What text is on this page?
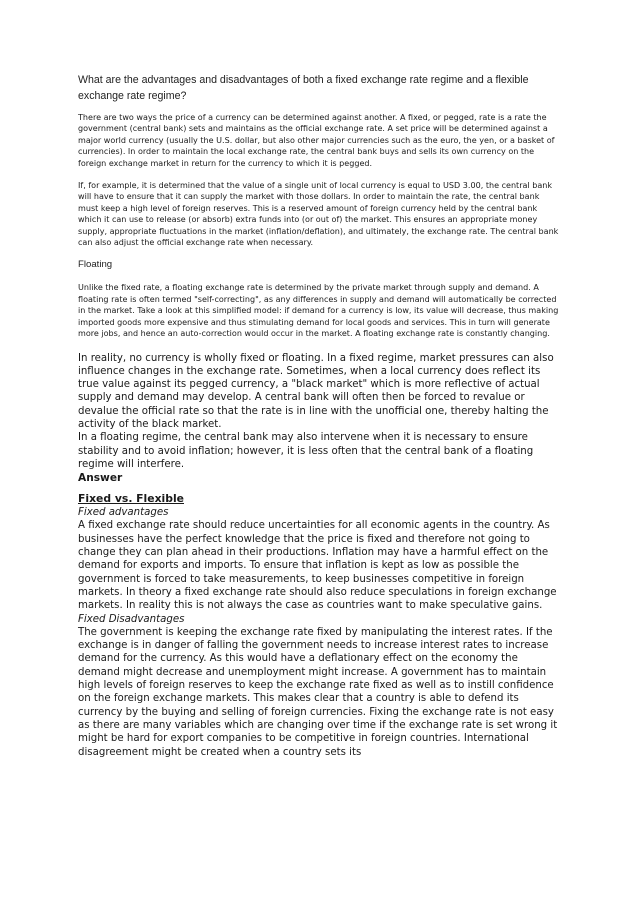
What are the advantages and disadvantages of both a fixed exchange rate regime and a flexible exchange rate regime?

There are two ways the price of a currency can be determined against another. A fixed, or pegged, rate is a rate the government (central bank) sets and maintains as the official exchange rate. A set price will be determined against a major world currency (usually the U.S. dollar, but also other major currencies such as the euro, the yen, or a basket of currencies). In order to maintain the local exchange rate, the central bank buys and sells its own currency on the foreign exchange market in return for the currency to which it is pegged.

If, for example, it is determined that the value of a single unit of local currency is equal to USD 3.00, the central bank will have to ensure that it can supply the market with those dollars. In order to maintain the rate, the central bank must keep a high level of foreign reserves. This is a reserved amount of foreign currency held by the central bank which it can use to release (or absorb) extra funds into (or out of) the market. This ensures an appropriate money supply, appropriate fluctuations in the market (inflation/deflation), and ultimately, the exchange rate. The central bank can also adjust the official exchange rate when necessary.

Floating

Unlike the fixed rate, a floating exchange rate is determined by the private market through supply and demand. A floating rate is often termed "self-correcting", as any differences in supply and demand will automatically be corrected in the market. Take a look at this simplified model: if demand for a currency is low, its value will decrease, thus making imported goods more expensive and thus stimulating demand for local goods and services. This in turn will generate more jobs, and hence an auto-correction would occur in the market. A floating exchange rate is constantly changing.

In reality, no currency is wholly fixed or floating. In a fixed regime, market pressures can also influence changes in the exchange rate. Sometimes, when a local currency does reflect its true value against its pegged currency, a "black market" which is more reflective of actual supply and demand may develop. A central bank will often then be forced to revalue or devalue the official rate so that the rate is in line with the unofficial one, thereby halting the activity of the black market.

In a floating regime, the central bank may also intervene when it is necessary to ensure stability and to avoid inflation; however, it is less often that the central bank of a floating regime will interfere.

Answer

Fixed vs. Flexible

Fixed advantages

A fixed exchange rate should reduce uncertainties for all economic agents in the country. As businesses have the perfect knowledge that the price is fixed and therefore not going to change they can plan ahead in their productions. Inflation may have a harmful effect on the demand for exports and imports. To ensure that inflation is kept as low as possible the government is forced to take measurements, to keep businesses competitive in foreign markets. In theory a fixed exchange rate should also reduce speculations in foreign exchange markets. In reality this is not always the case as countries want to make speculative gains.

Fixed Disadvantages

The government is keeping the exchange rate fixed by manipulating the interest rates. If the exchange is in danger of falling the government needs to increase interest rates to increase demand for the currency. As this would have a deflationary effect on the economy the demand might decrease and unemployment might increase. A government has to maintain high levels of foreign reserves to keep the exchange rate fixed as well as to instill confidence on the foreign exchange markets. This makes clear that a country is able to defend its currency by the buying and selling of foreign currencies. Fixing the exchange rate is not easy as there are many variables which are changing over time if the exchange rate is set wrong it might be hard for export companies to be competitive in foreign countries. International disagreement might be created when a country sets its
